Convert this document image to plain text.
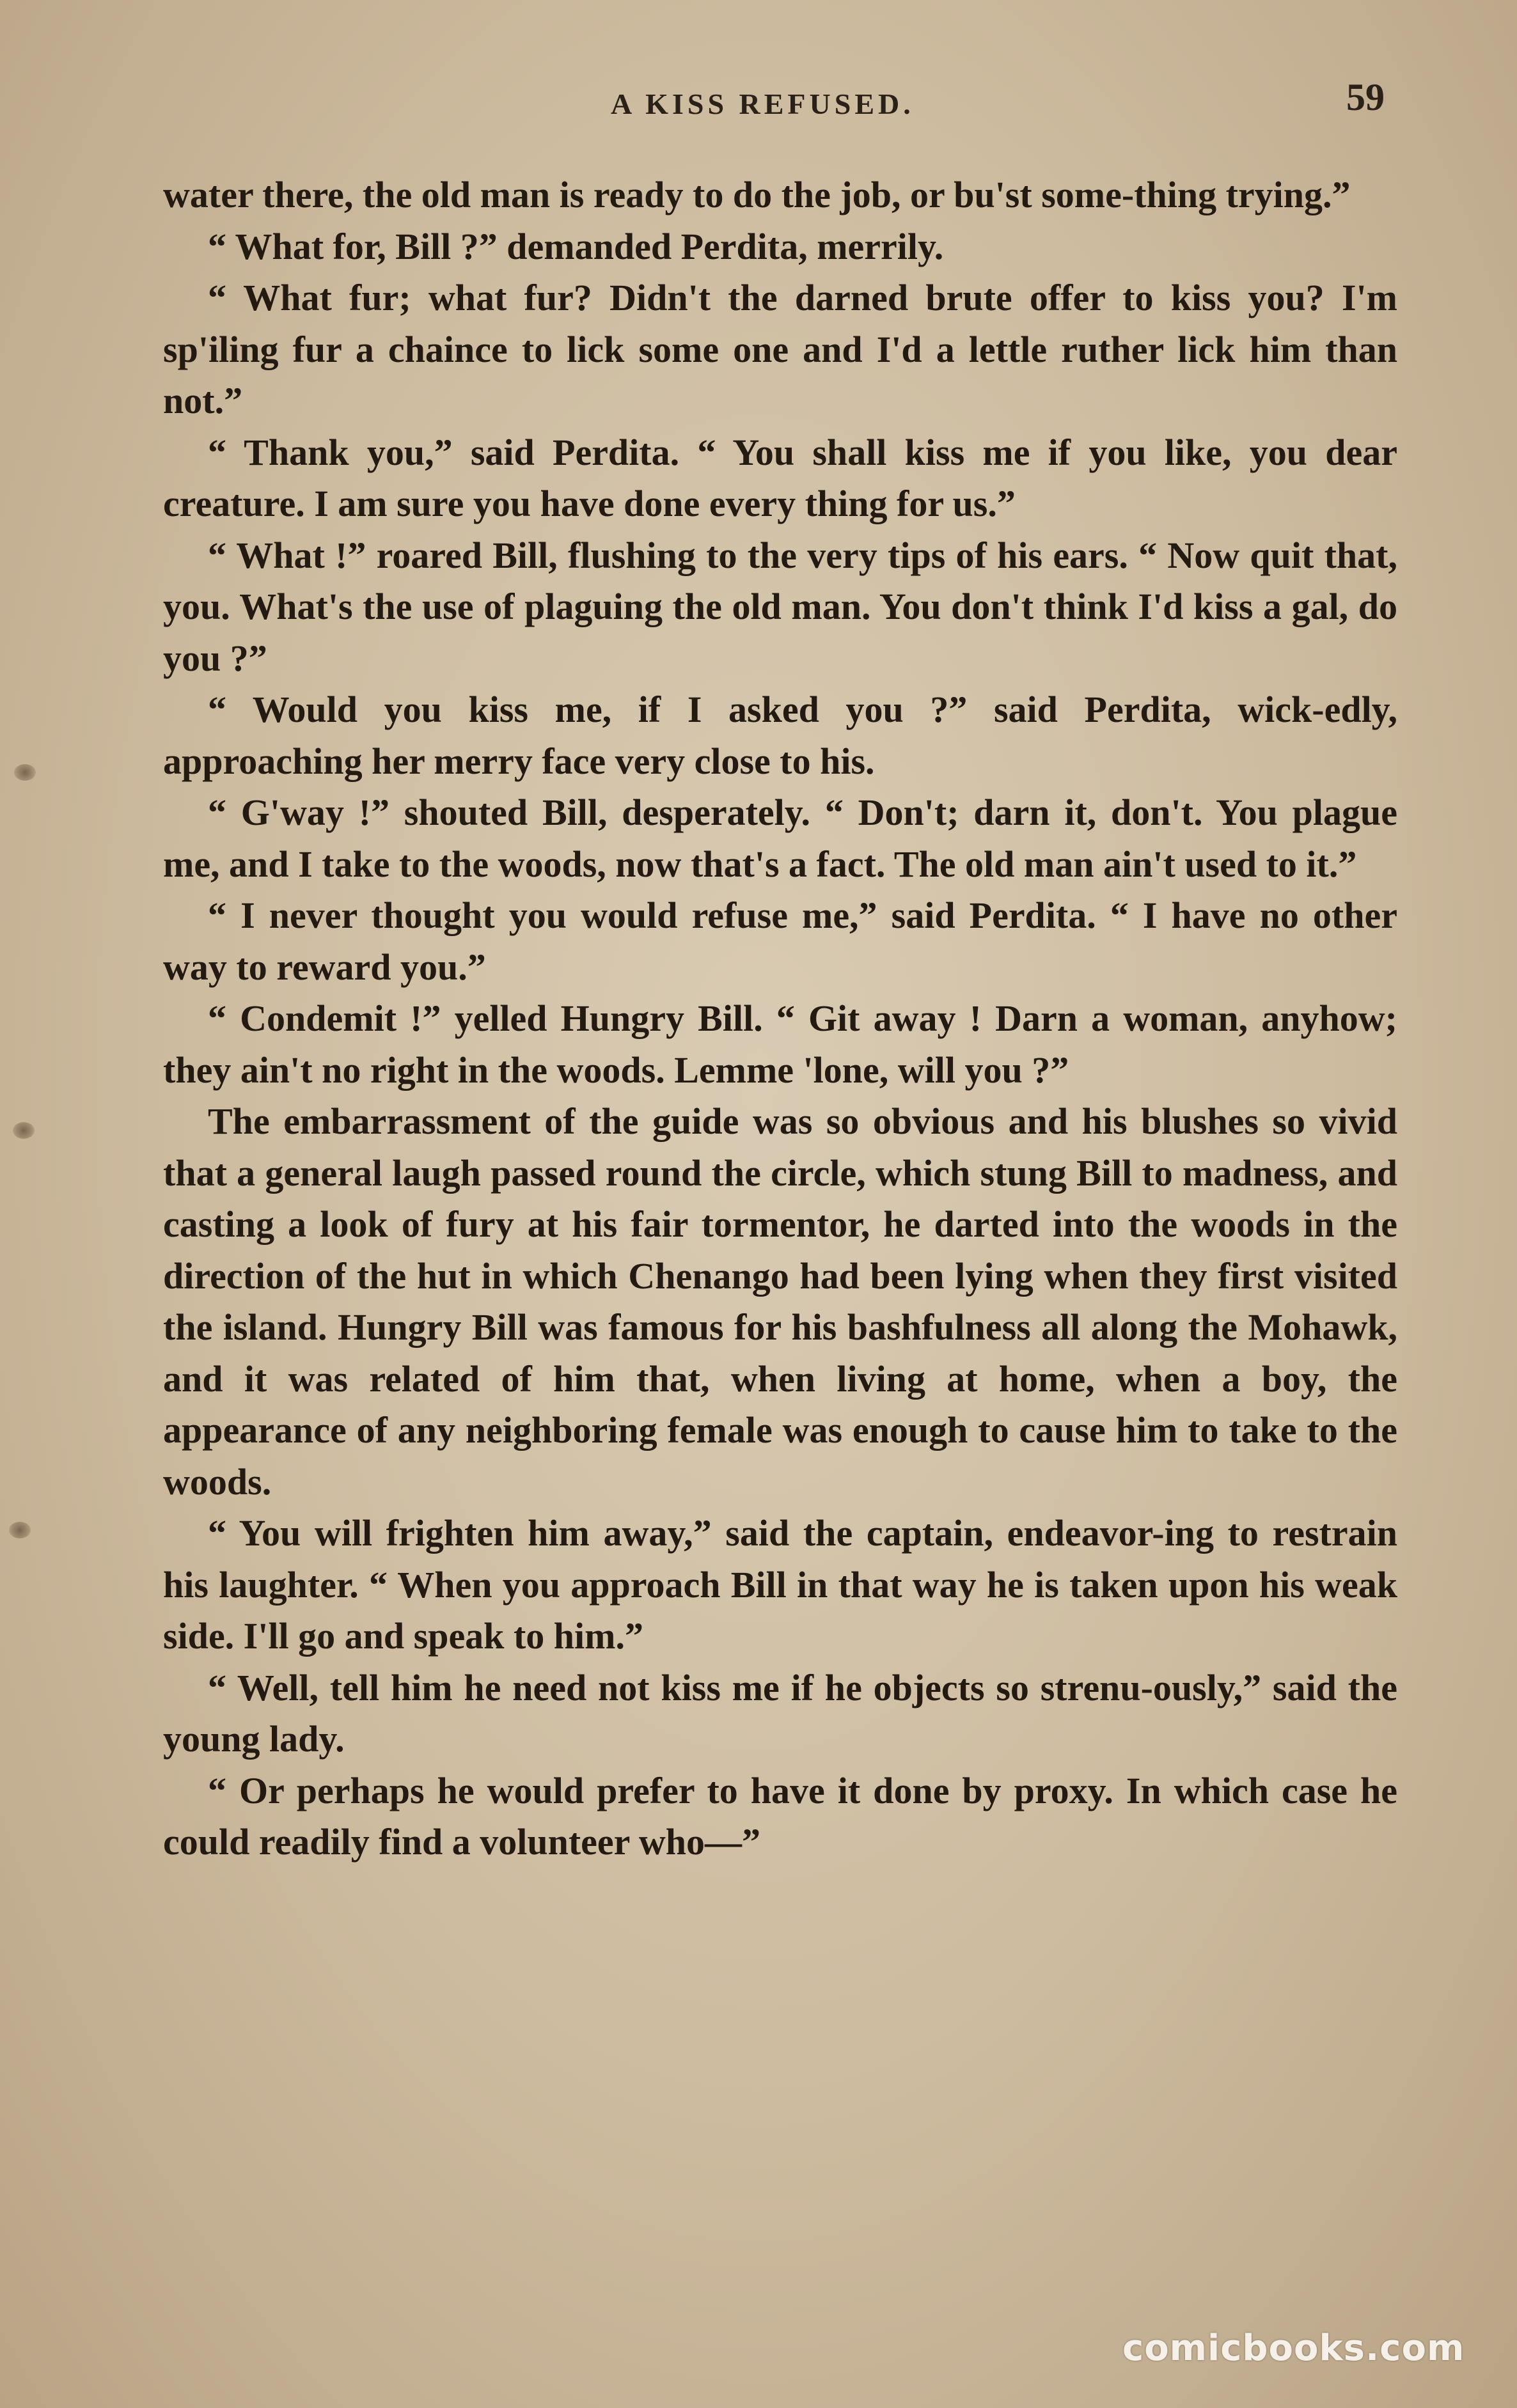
A KISS REFUSED.	59

water there, the old man is ready to do the job, or bu'st some-thing trying.”

“ What for, Bill ?” demanded Perdita, merrily.

“ What fur; what fur? Didn't the darned brute offer to kiss you? I'm sp'iling fur a chaince to lick some one and I'd a lettle ruther lick him than not.”

“ Thank you,” said Perdita. “ You shall kiss me if you like, you dear creature. I am sure you have done every thing for us.”

“ What !” roared Bill, flushing to the very tips of his ears. “ Now quit that, you. What's the use of plaguing the old man. You don't think I'd kiss a gal, do you ?”

“ Would you kiss me, if I asked you ?” said Perdita, wick-edly, approaching her merry face very close to his.

“ G'way !” shouted Bill, desperately. “ Don't; darn it, don't. You plague me, and I take to the woods, now that's a fact. The old man ain't used to it.”

“ I never thought you would refuse me,” said Perdita. “ I have no other way to reward you.”

“ Condemit !” yelled Hungry Bill. “ Git away ! Darn a woman, anyhow; they ain't no right in the woods. Lemme 'lone, will you ?”

The embarrassment of the guide was so obvious and his blushes so vivid that a general laugh passed round the circle, which stung Bill to madness, and casting a look of fury at his fair tormentor, he darted into the woods in the direction of the hut in which Chenango had been lying when they first visited the island. Hungry Bill was famous for his bashfulness all along the Mohawk, and it was related of him that, when living at home, when a boy, the appearance of any neighboring female was enough to cause him to take to the woods.

“ You will frighten him away,” said the captain, endeavor-ing to restrain his laughter. “ When you approach Bill in that way he is taken upon his weak side. I'll go and speak to him.”

“ Well, tell him he need not kiss me if he objects so strenu-ously,” said the young lady.

“ Or perhaps he would prefer to have it done by proxy. In which case he could readily find a volunteer who—”

comicbooks.com
